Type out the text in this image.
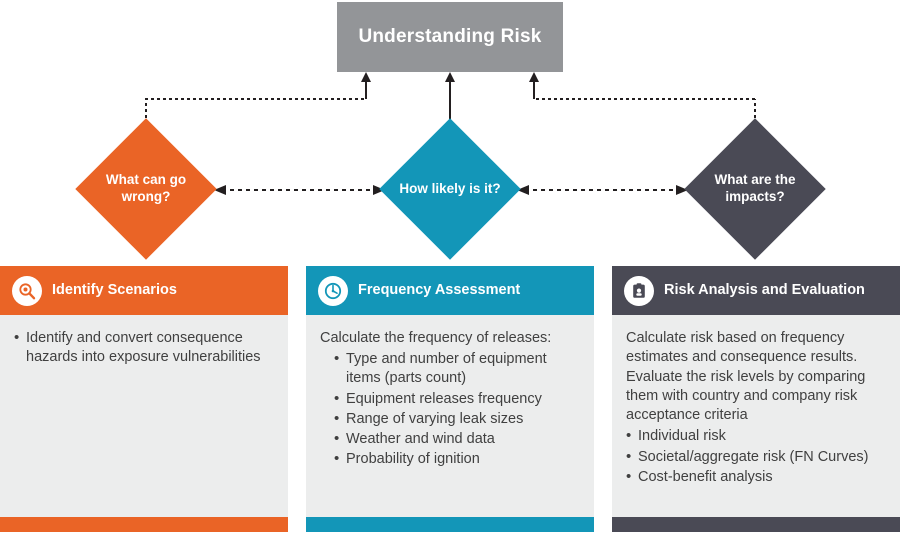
Understanding Risk
What can go wrong?
How likely is it?
What are the impacts?
Identify Scenarios
• Identify and convert consequence hazards into exposure vulnerabilities
Frequency Assessment

Calculate the frequency of releases:

• Type and number of equipment items (parts count)
• Equipment releases frequency
• Range of varying leak sizes
• Weather and wind data
• Probability of ignition
Risk Analysis and Evaluation

Calculate risk based on frequency estimates and consequence results. Evaluate the risk levels by comparing them with country and company risk acceptance criteria

• Individual risk
• Societal/aggregate risk (FN Curves)
• Cost-benefit analysis
